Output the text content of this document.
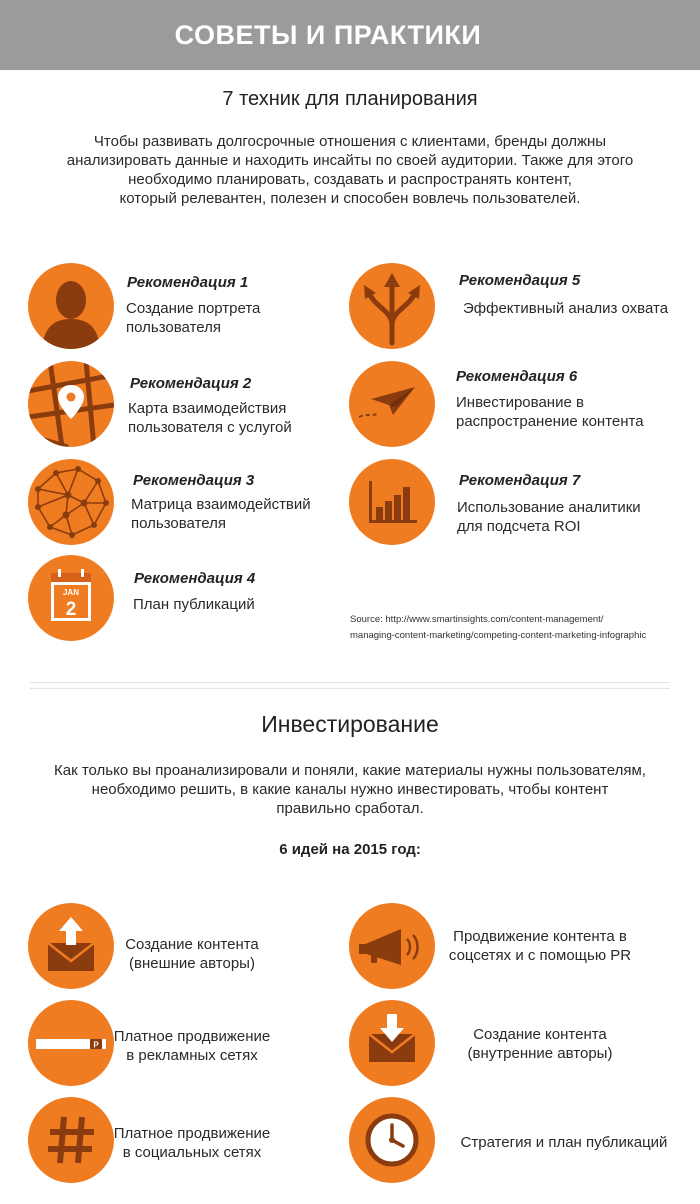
СОВЕТЫ И ПРАКТИКИ
7 техник для планирования
Чтобы развивать долгосрочные отношения с клиентами, бренды должны
анализировать данные и находить инсайты по своей аудитории. Также для этого
необходимо планировать, создавать и распространять контент,
который релевантен, полезен и способен вовлечь пользователей.
Рекомендация 1
Создание портрета
пользователя
Рекомендация 2
Карта взаимодействия
пользователя с услугой
Рекомендация 3
Матрица взаимодействий
пользователя
JAN
2
Рекомендация 4
План публикаций
Рекомендация 5
Эффективный анализ охвата
Рекомендация 6
Инвестирование в
распространение контента
Рекомендация 7
Использование аналитики
для подсчета ROI
Source: http://www.smartinsights.com/content-management/
managing-content-marketing/competing-content-marketing-infographic
Инвестирование
Как только вы проанализировали и поняли, какие материалы нужны пользователям,
необходимо решить, в какие каналы нужно инвестировать, чтобы контент
правильно сработал.
6 идей на 2015 год:
Создание контента
(внешние авторы)
P Платное продвижение
в рекламных сетях
Платное продвижение
в социальных сетях
Продвижение контента в
соцсетях и с помощью PR
Создание контента
(внутренние авторы)
Стратегия и план публикаций
